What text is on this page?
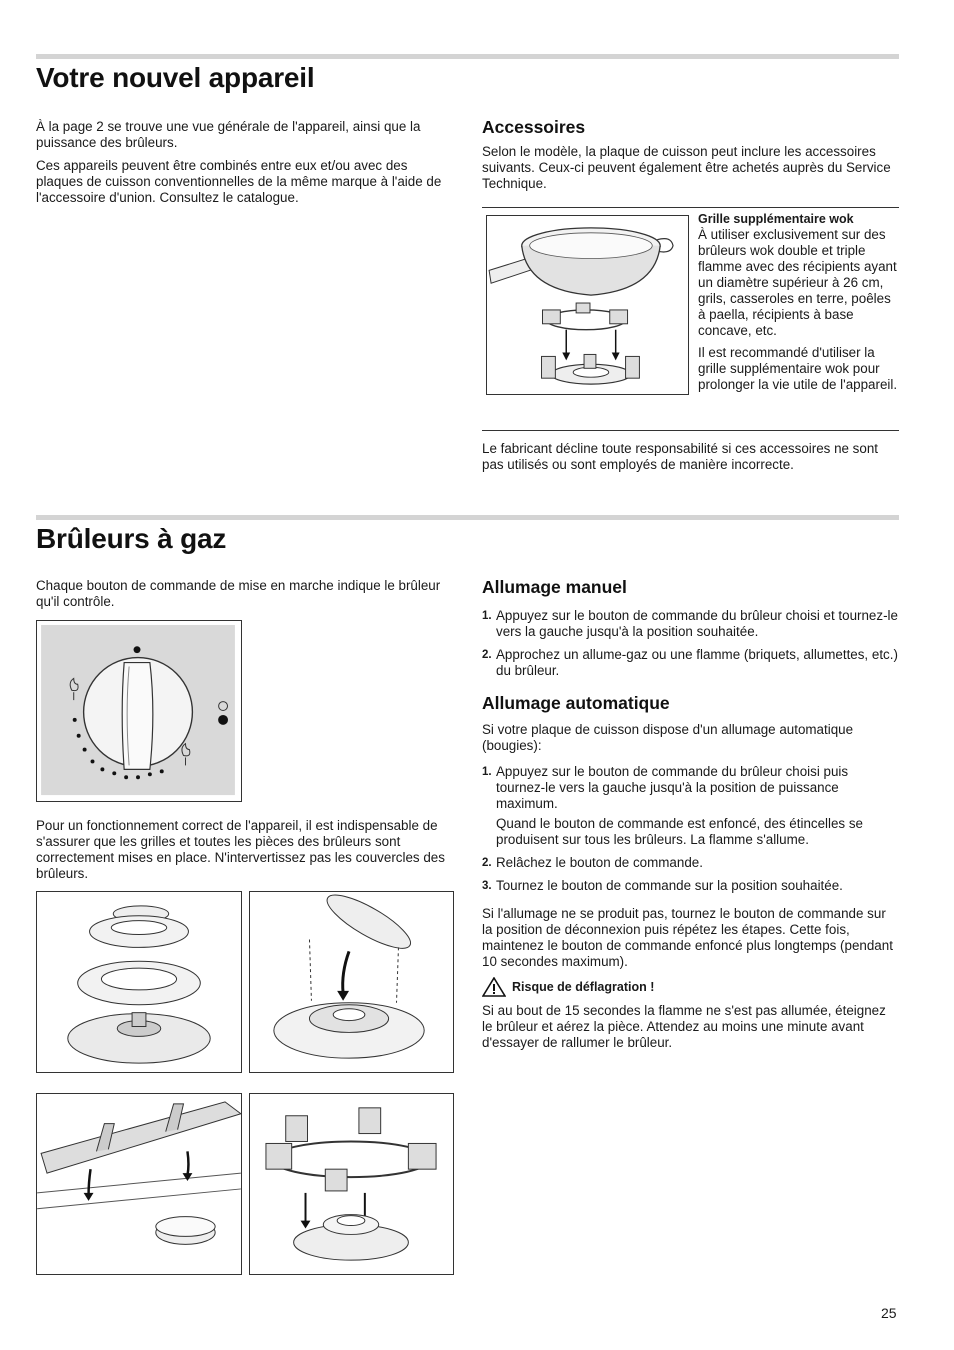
Votre nouvel appareil

À la page 2 se trouve une vue générale de l'appareil, ainsi que la puissance des brûleurs.

Ces appareils peuvent être combinés entre eux et/ou avec des plaques de cuisson conventionnelles de la même marque à l'aide de l'accessoire d'union. Consultez le catalogue.

Accessoires

Selon le modèle, la plaque de cuisson peut inclure les accessoires suivants. Ceux-ci peuvent également être achetés auprès du Service Technique.

Grille supplémentaire wok
À utiliser exclusivement sur des brûleurs wok double et triple flamme avec des récipients ayant un diamètre supérieur à 26 cm, grils, casseroles en terre, poêles à paella, récipients à base concave, etc.

Il est recommandé d'utiliser la grille supplémentaire wok pour prolonger la vie utile de l'appareil.

Le fabricant décline toute responsabilité si ces accessoires ne sont pas utilisés ou sont employés de manière incorrecte.

Brûleurs à gaz

Chaque bouton de commande de mise en marche indique le brûleur qu'il contrôle.

Pour un fonctionnement correct de l'appareil, il est indispensable de s'assurer que les grilles et toutes les pièces des brûleurs sont correctement mises en place. N'intervertissez pas les couvercles des brûleurs.

Allumage manuel
1. Appuyez sur le bouton de commande du brûleur choisi et tournez-le vers la gauche jusqu'à la position souhaitée.
2. Approchez un allume-gaz ou une flamme (briquets, allumettes, etc.) du brûleur.
Allumage automatique

Si votre plaque de cuisson dispose d'un allumage automatique (bougies):

1. Appuyez sur le bouton de commande du brûleur choisi puis tournez-le vers la gauche jusqu'à la position de puissance maximum.

Quand le bouton de commande est enfoncé, des étincelles se produisent sur tous les brûleurs. La flamme s'allume.

2. Relâchez le bouton de commande.
3. Tournez le bouton de commande sur la position souhaitée.

Si l'allumage ne se produit pas, tournez le bouton de commande sur la position de déconnexion puis répétez les étapes. Cette fois, maintenez le bouton de commande enfoncé plus longtemps (pendant 10 secondes maximum).

Risque de déflagration !

Si au bout de 15 secondes la flamme ne s'est pas allumée, éteignez le brûleur et aérez la pièce. Attendez au moins une minute avant d'essayer de rallumer le brûleur.

25
